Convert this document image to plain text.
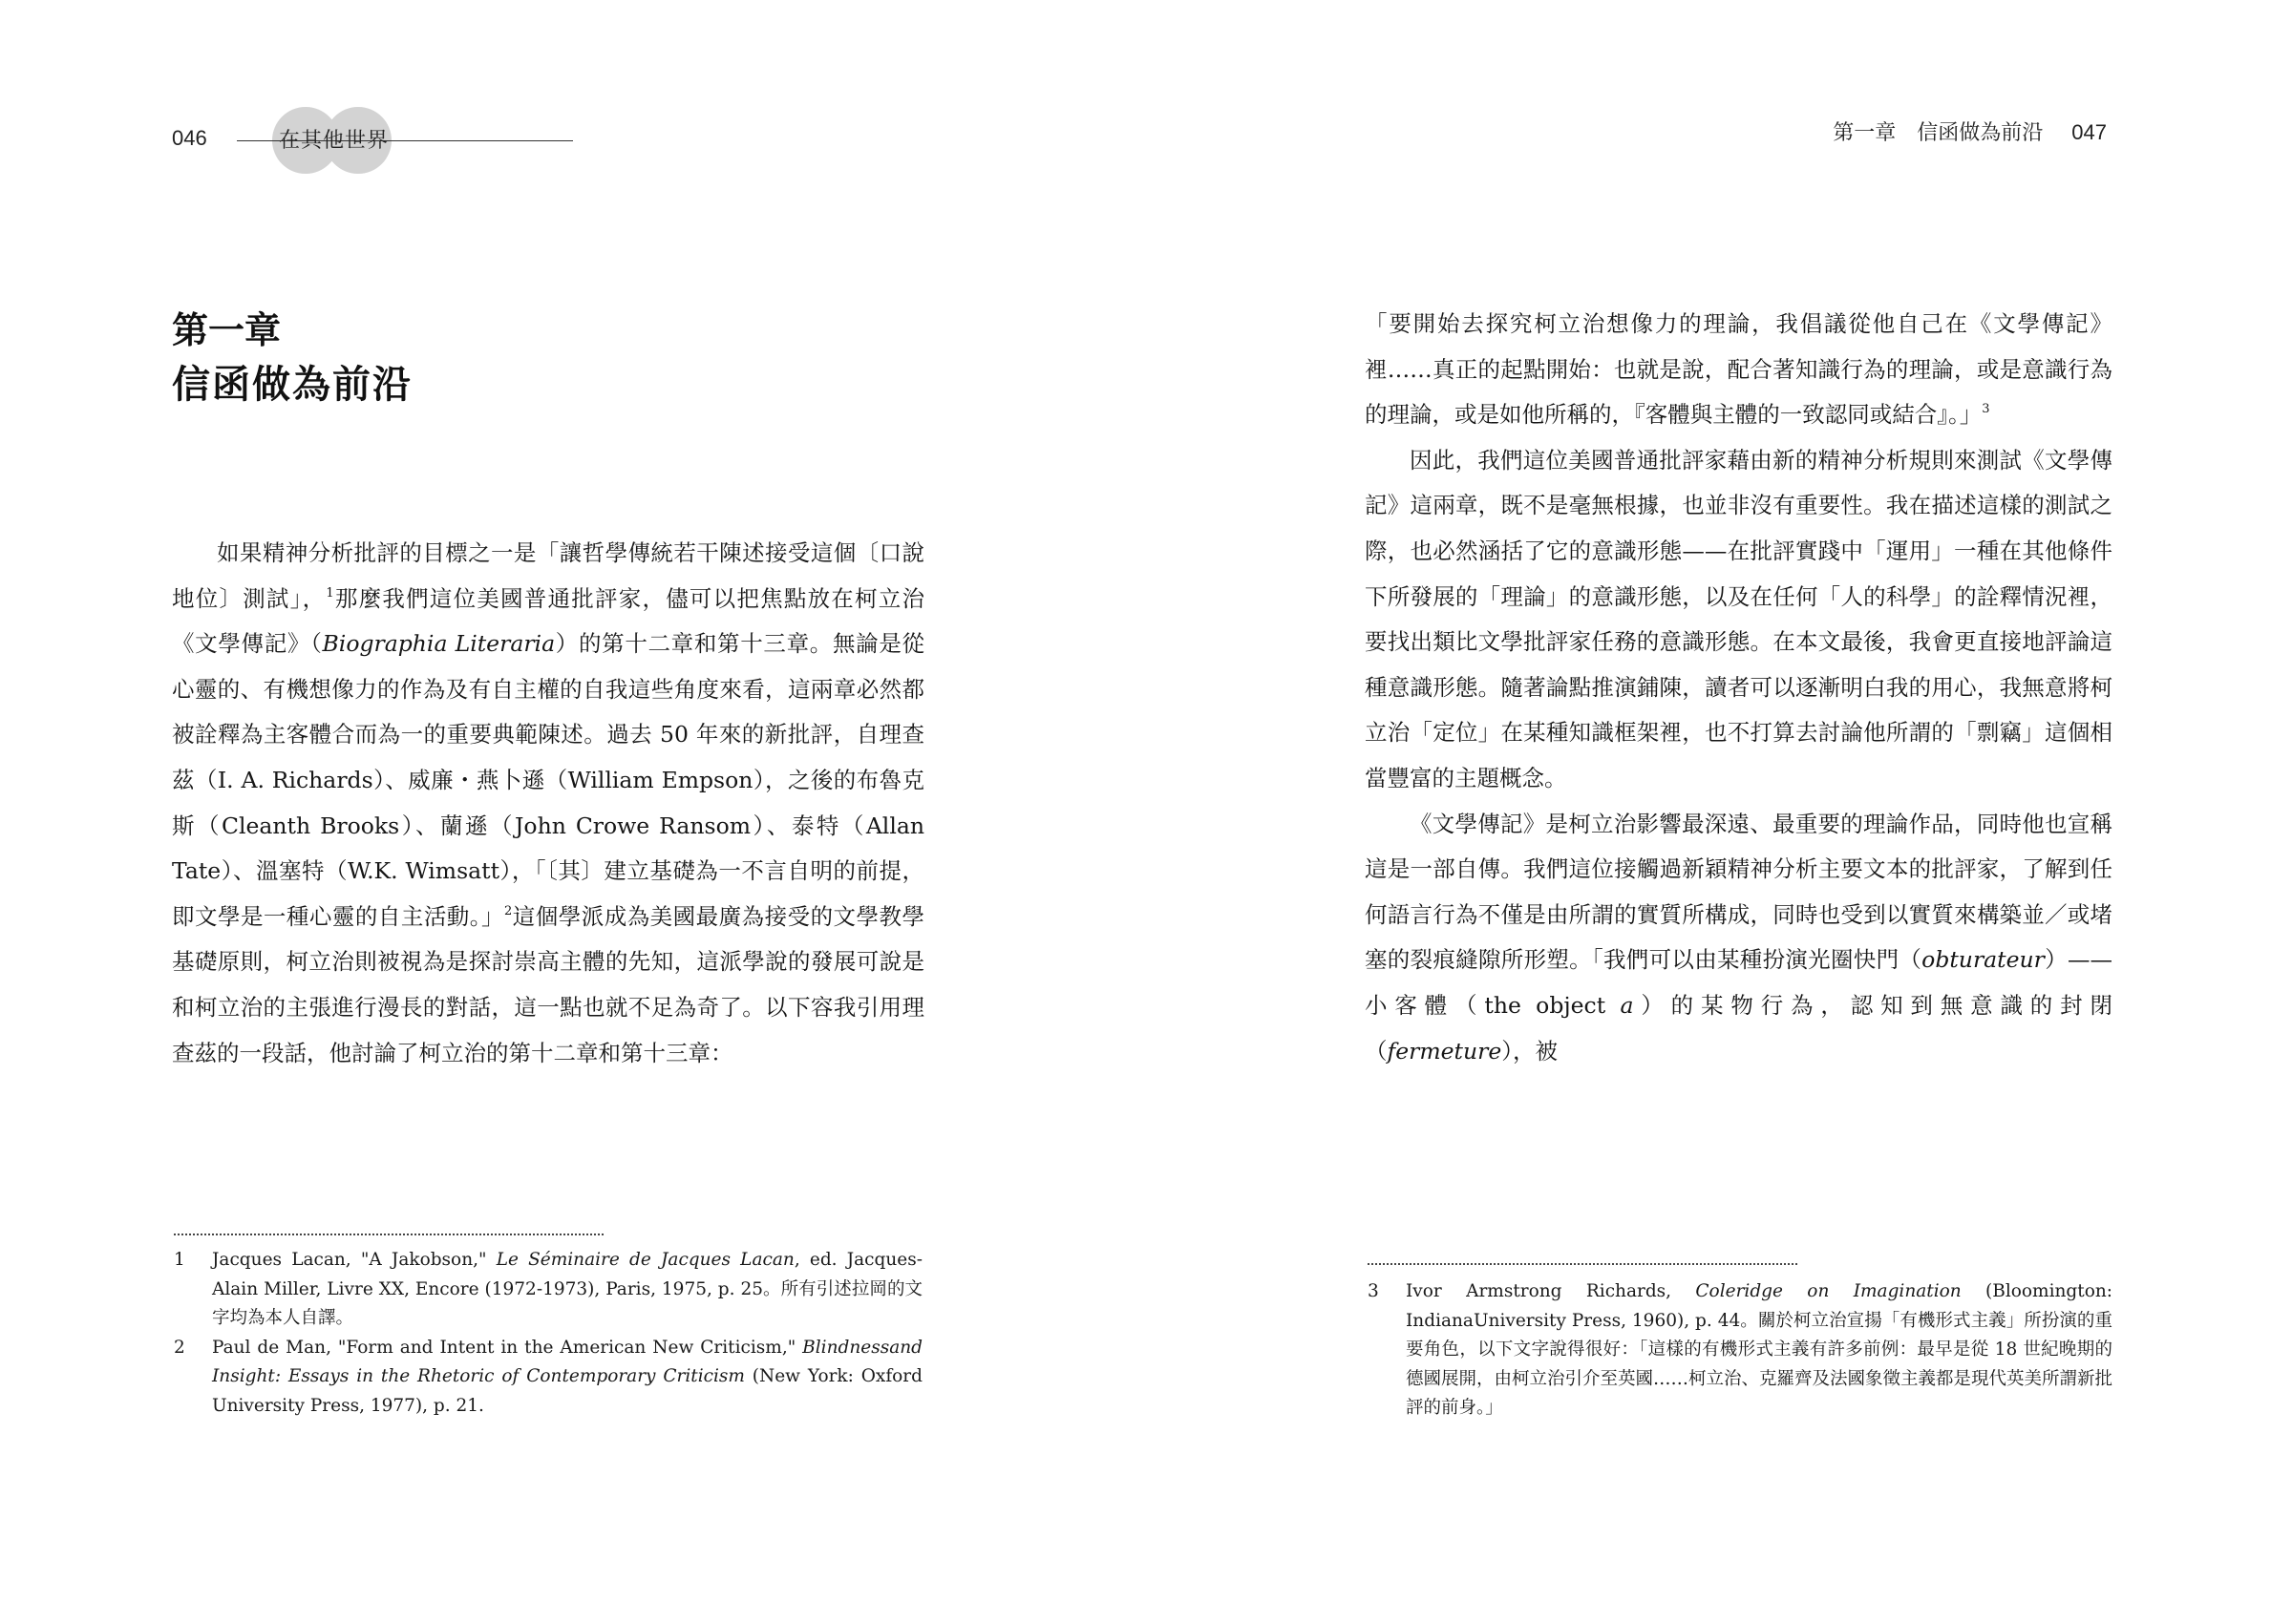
046	在其他世界
第一章
信函做為前沿

如果精神分析批評的目標之一是「讓哲學傳統若干陳述接受這個〔口說地位〕測試」，$^1$那麼我們這位美國普通批評家，儘可以把焦點放在柯立治《文學傳記》（Biographia Literaria）的第十二章和第十三章。無論是從心靈的、有機想像力的作為及有自主權的自我這些角度來看，這兩章必然都被詮釋為主客體合而為一的重要典範陳述。過去 50 年來的新批評，自理查茲（I. A. Richards）、威廉・燕卜遜（William Empson），之後的布魯克斯（Cleanth Brooks）、蘭遜（John Crowe Ransom）、泰特（Allan Tate）、溫塞特（W.K. Wimsatt），「〔其〕建立基礎為一不言自明的前提，即文學是一種心靈的自主活動。」$^2$這個學派成為美國最廣為接受的文學教學基礎原則，柯立治則被視為是探討崇高主體的先知，這派學說的發展可說是和柯立治的主張進行漫長的對話，這一點也就不足為奇了。以下容我引用理查茲的一段話，他討論了柯立治的第十二章和第十三章：

1 Jacques Lacan, "A Jakobson," Le Séminaire de Jacques Lacan, ed. Jacques-Alain Miller, Livre XX, Encore (1972-1973), Paris, 1975, p. 25。所有引述拉岡的文字均為本人自譯。

2 Paul de Man, "Form and Intent in the American New Criticism," Blindnessand Insight: Essays in the Rhetoric of Contemporary Criticism (New York: Oxford University Press, 1977), p. 21.

第一章　信函做為前沿 047

「要開始去探究柯立治想像力的理論，我倡議從他自己在《文學傳記》裡……真正的起點開始：也就是說，配合著知識行為的理論，或是意識行為的理論，或是如他所稱的，『客體與主體的一致認同或結合』。」$^3$

因此，我們這位美國普通批評家藉由新的精神分析規則來測試《文學傳記》這兩章，既不是毫無根據，也並非沒有重要性。我在描述這樣的測試之際，也必然涵括了它的意識形態——在批評實踐中「運用」一種在其他條件下所發展的「理論」的意識形態，以及在任何「人的科學」的詮釋情況裡，要找出類比文學批評家任務的意識形態。在本文最後，我會更直接地評論這種意識形態。隨著論點推演鋪陳，讀者可以逐漸明白我的用心，我無意將柯立治「定位」在某種知識框架裡，也不打算去討論他所謂的「剽竊」這個相當豐富的主題概念。

《文學傳記》是柯立治影響最深遠、最重要的理論作品，同時他也宣稱這是一部自傳。我們這位接觸過新穎精神分析主要文本的批評家，了解到任何語言行為不僅是由所謂的實質所構成，同時也受到以實質來構築並／或堵塞的裂痕縫隙所形塑。「我們可以由某種扮演光圈快門（obturateur）——小客體（the object a）的某物行為，認知到無意識的封閉（fermeture），被

3 Ivor Armstrong Richards, Coleridge on Imagination (Bloomington: IndianaUniversity Press, 1960), p. 44。關於柯立治宣揚「有機形式主義」所扮演的重要角色，以下文字說得很好：「這樣的有機形式主義有許多前例：最早是從 18 世紀晚期的德國展開，由柯立治引介至英國……柯立治、克羅齊及法國象徵主義都是現代英美所謂新批評的前身。」
